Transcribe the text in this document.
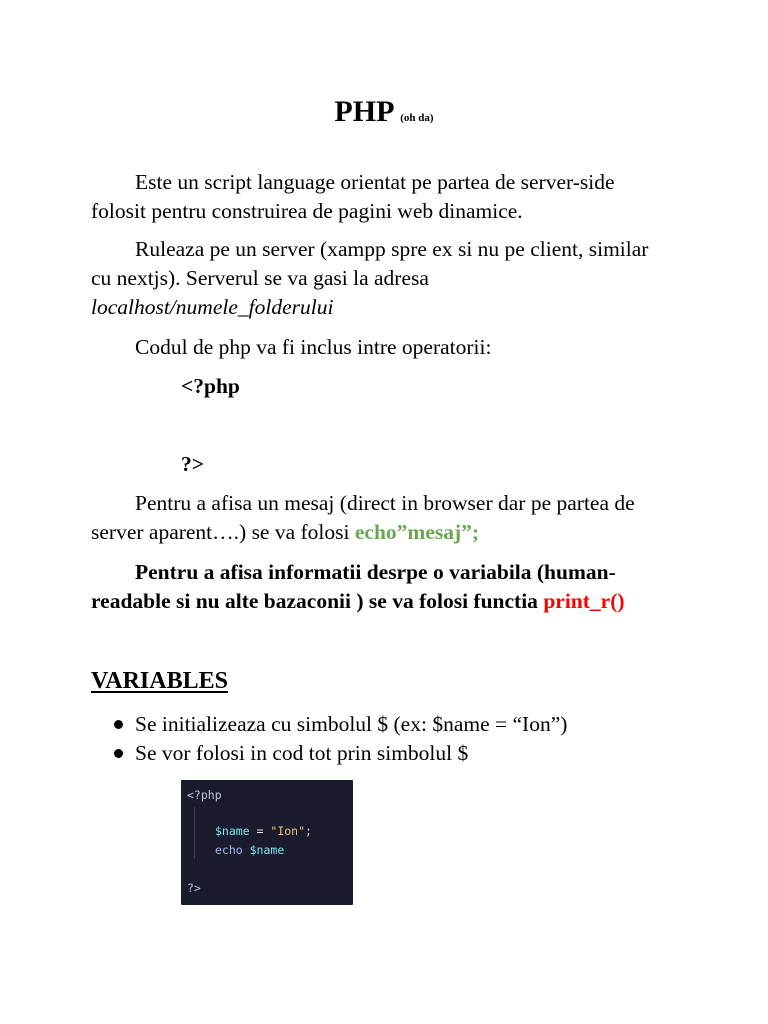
PHP (oh da)
Este un script language orientat pe partea de server-side
folosit pentru construirea de pagini web dinamice.
Ruleaza pe un server (xampp spre ex si nu pe client, similar
cu nextjs). Serverul se va gasi la adresa
localhost/numele_folderului
Codul de php va fi inclus intre operatorii:
<?php
?>
Pentru a afisa un mesaj (direct in browser dar pe partea de
server aparent….) se va folosi echo”mesaj”;
Pentru a afisa informatii desrpe o variabila (human-
readable si nu alte bazaconii ) se va folosi functia print_r()
VARIABLES
Se initializeaza cu simbolul $ (ex: $name = “Ion”)
Se vor folosi in cod tot prin simbolul $
<?php
$name = "Ion";
echo $name
?>
